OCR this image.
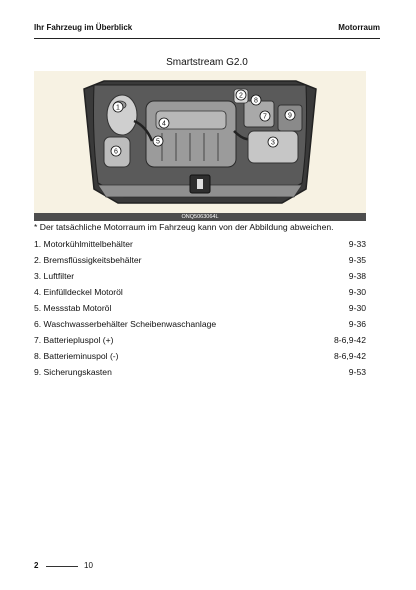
Ihr Fahrzeug im Überblick	Motorraum
Smartstream G2.0
1
2
3
4
5
6
7
8
9
ONQ5063064L
* Der tatsächliche Motorraum im Fahrzeug kann von der Abbildung abweichen.
1. Motorkühlmittelbehälter	9-33
2. Bremsflüssigkeitsbehälter	9-35
3. Luftfilter	9-38
4. Einfülldeckel Motoröl	9-30
5. Messstab Motoröl	9-30
6. Waschwasserbehälter Scheibenwaschanlage	9-36
7. Batteriepluspol (+)	8-6,9-42
8. Batterieminuspol (-)	8-6,9-42
9. Sicherungskasten	9-53
2	10
